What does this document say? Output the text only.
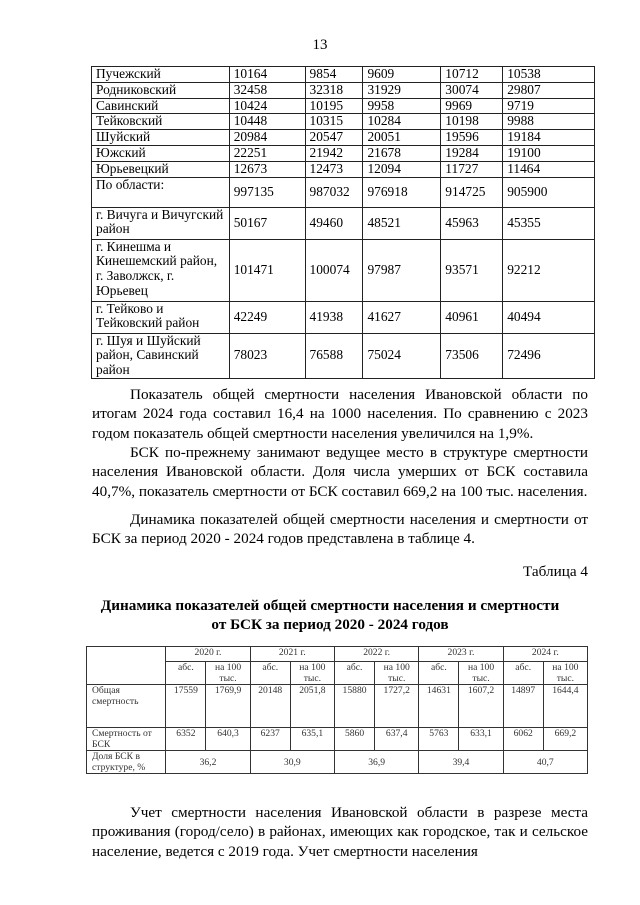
13
Пучежский	10164	9854	9609	10712	10538
Родниковский	32458	32318	31929	30074	29807
Савинский	10424	10195	9958	9969	9719
Тейковский	10448	10315	10284	10198	9988
Шуйский	20984	20547	20051	19596	19184
Южский	22251	21942	21678	19284	19100
Юрьевецкий	12673	12473	12094	11727	11464
По области:	997135	987032	976918	914725	905900
г. Вичуга и Вичугский район	50167	49460	48521	45963	45355
г. Кинешма и Кинешемский район, г. Заволжск, г. Юрьевец	101471	100074	97987	93571	92212
г. Тейково и Тейковский район	42249	41938	41627	40961	40494
г. Шуя и Шуйский район, Савинский район	78023	76588	75024	73506	72496

Показатель общей смертности населения Ивановской области по итогам 2024 года составил 16,4 на 1000 населения. По сравнению с 2023 годом показатель общей смертности населения увеличился на 1,9%.

БСК по-прежнему занимают ведущее место в структуре смертности населения Ивановской области. Доля числа умерших от БСК составила 40,7%, показатель смертности от БСК составил 669,2 на 100 тыс. населения.

Динамика показателей общей смертности населения и смертности от БСК за период 2020 - 2024 годов представлена в таблице 4.

Таблица 4
Динамика показателей общей смертности населения и смертности
от БСК за период 2020 - 2024 годов
	2020 г.		2021 г.		2022 г.		2023 г.		2024 г.	
	абс.	на 100 тыс.	абс.	на 100 тыс.	абс.	на 100 тыс.	абс.	на 100 тыс.	абс.	на 100 тыс.
Общая смертность	17559	1769,9	20148	2051,8	15880	1727,2	14631	1607,2	14897	1644,4
Смертность от БСК	6352	640,3	6237	635,1	5860	637,4	5763	633,1	6062	669,2
Доля БСК в структуре, %	36,2		30,9		36,9		39,4		40,7	

Учет смертности населения Ивановской области в разрезе места проживания (город/село) в районах, имеющих как городское, так и сельское население, ведется с 2019 года. Учет смертности населения
